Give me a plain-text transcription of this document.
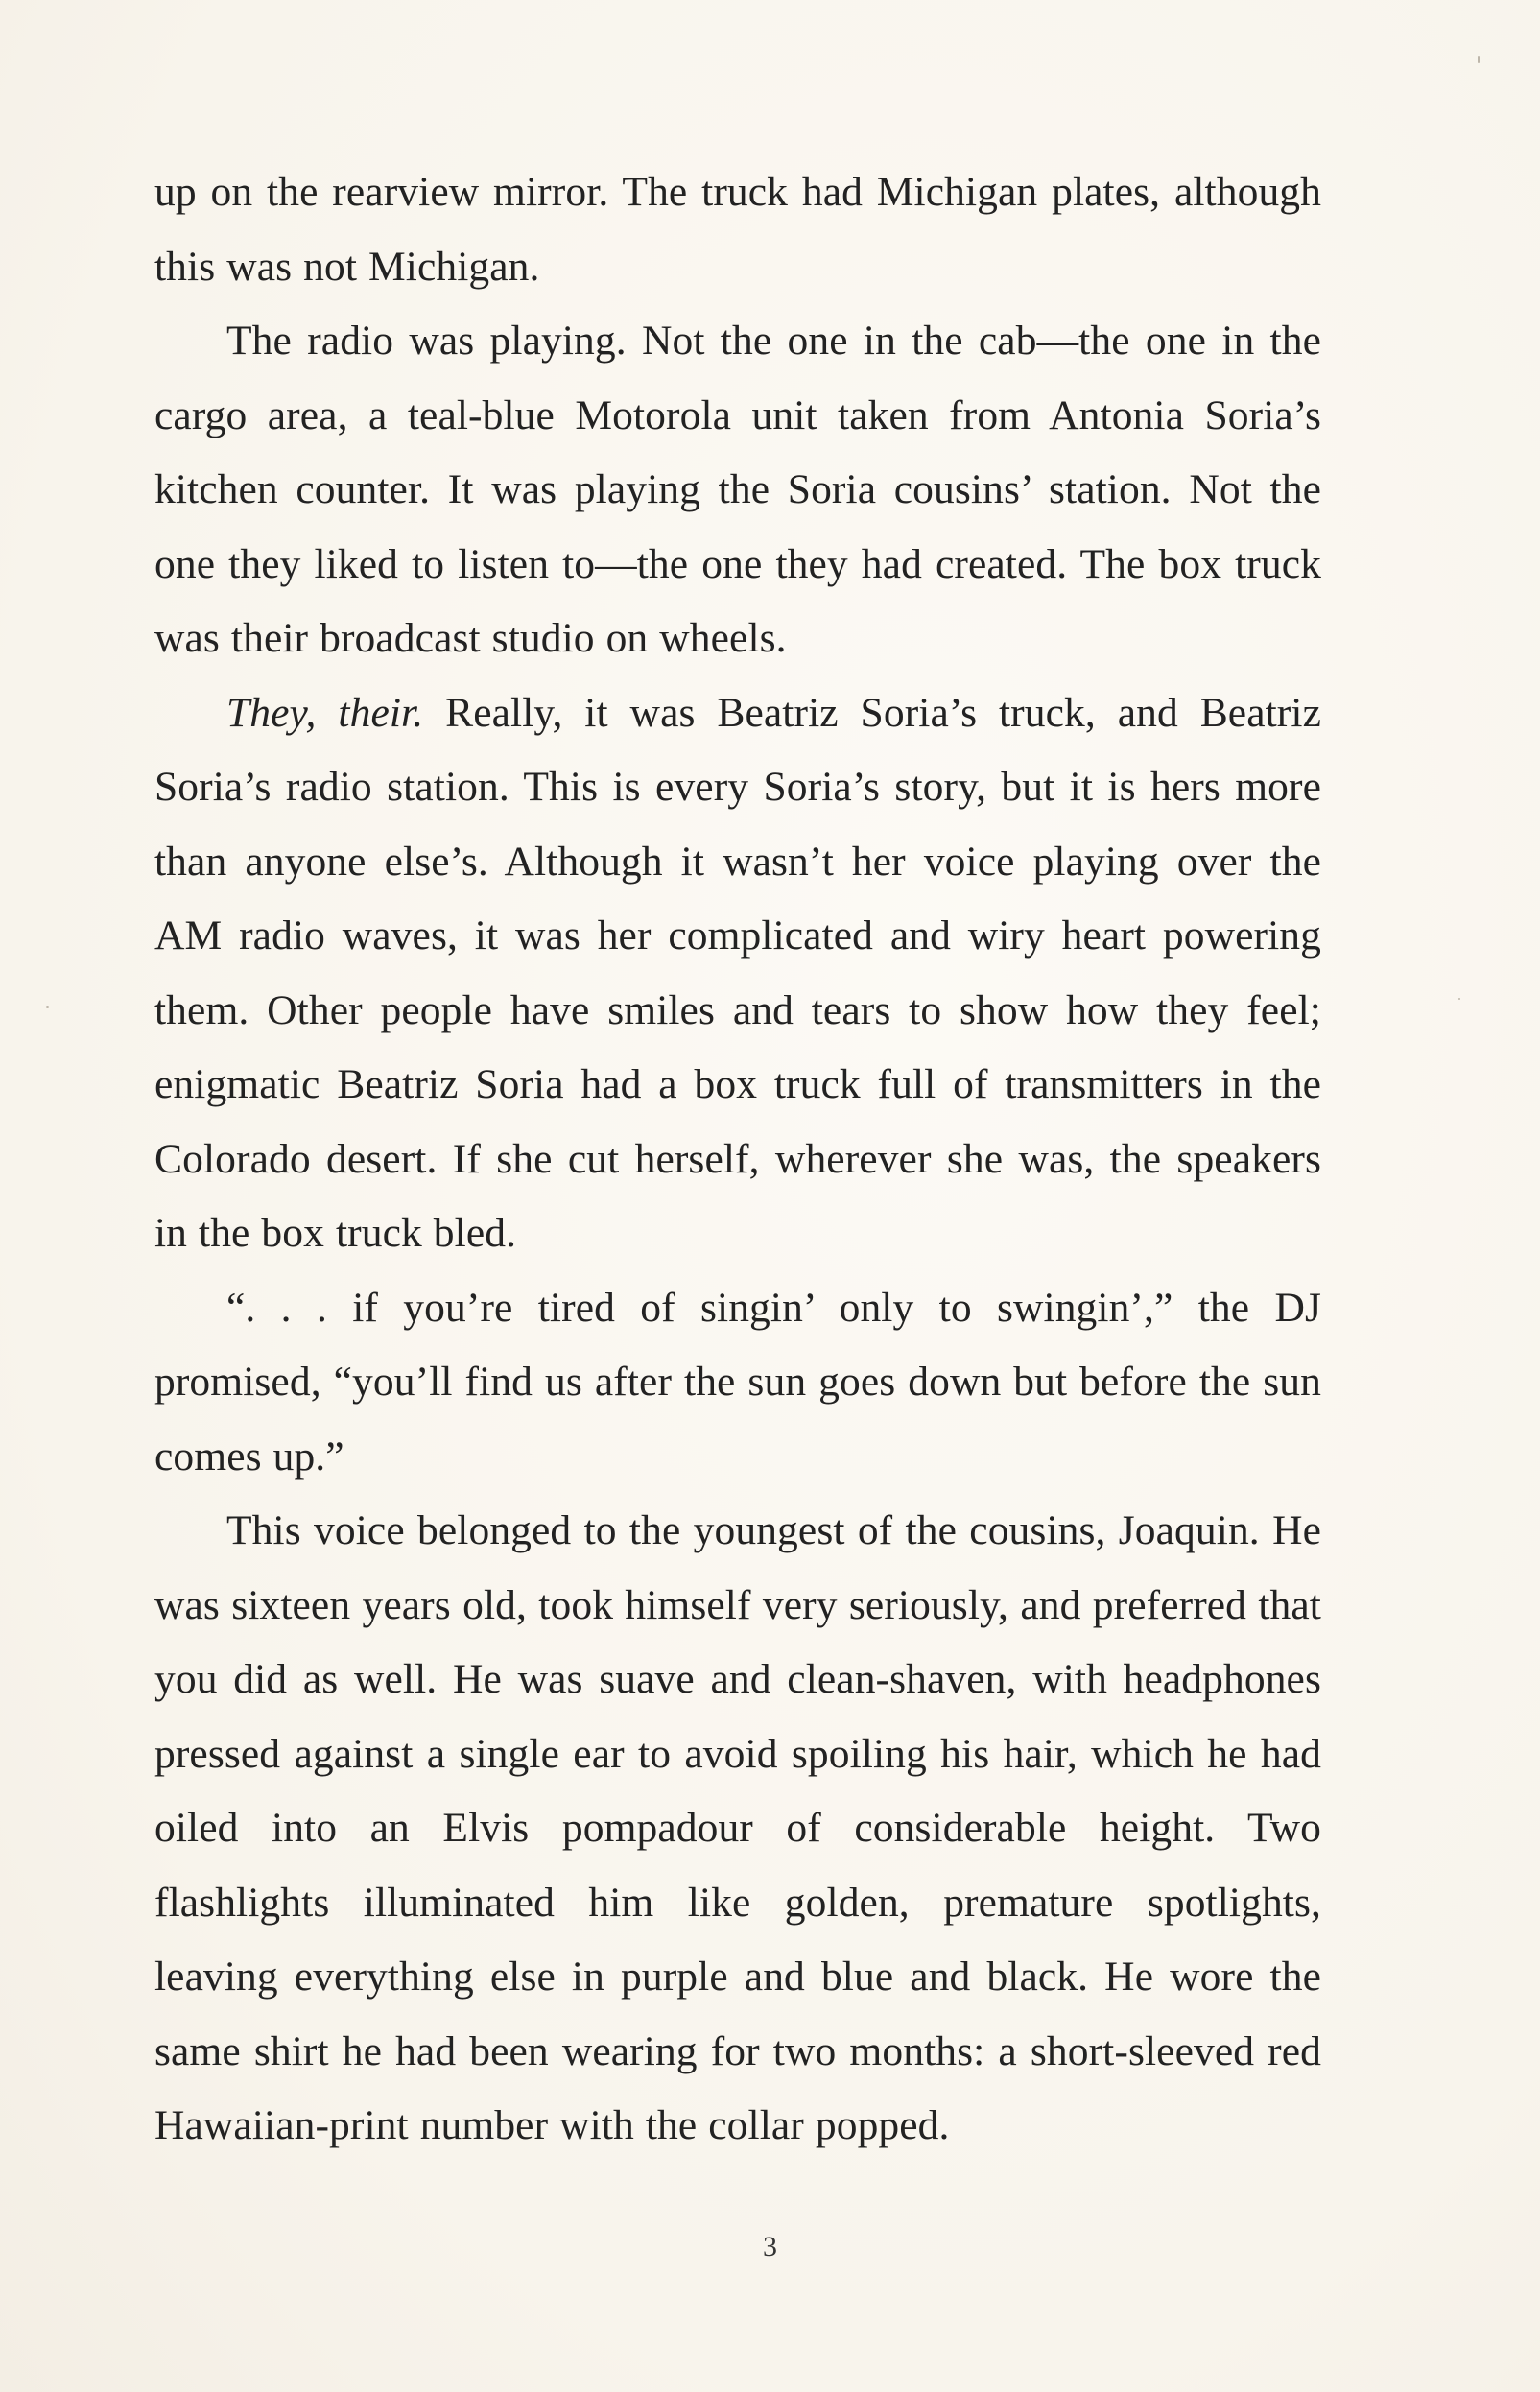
up on the rearview mirror. The truck had Michigan plates, although this was not Michigan.

The radio was playing. Not the one in the cab—the one in the cargo area, a teal-blue Motorola unit taken from Antonia Soria’s kitchen counter. It was playing the Soria cousins’ station. Not the one they liked to listen to—the one they had created. The box truck was their broadcast studio on wheels.

They, their. Really, it was Beatriz Soria’s truck, and Beatriz Soria’s radio station. This is every Soria’s story, but it is hers more than anyone else’s. Although it wasn’t her voice playing over the AM radio waves, it was her complicated and wiry heart powering them. Other people have smiles and tears to show how they feel; enigmatic Beatriz Soria had a box truck full of transmitters in the Colorado desert. If she cut herself, wherever she was, the speakers in the box truck bled.

“. . . if you’re tired of singin’ only to swingin’,” the DJ promised, “you’ll find us after the sun goes down but before the sun comes up.”

This voice belonged to the youngest of the cousins, Joaquin. He was sixteen years old, took himself very seriously, and preferred that you did as well. He was suave and clean-shaven, with headphones pressed against a single ear to avoid spoiling his hair, which he had oiled into an Elvis pompadour of considerable height. Two flashlights illuminated him like golden, premature spotlights, leaving everything else in purple and blue and black. He wore the same shirt he had been wearing for two months: a short-sleeved red Hawaiian-print number with the collar popped.

3
